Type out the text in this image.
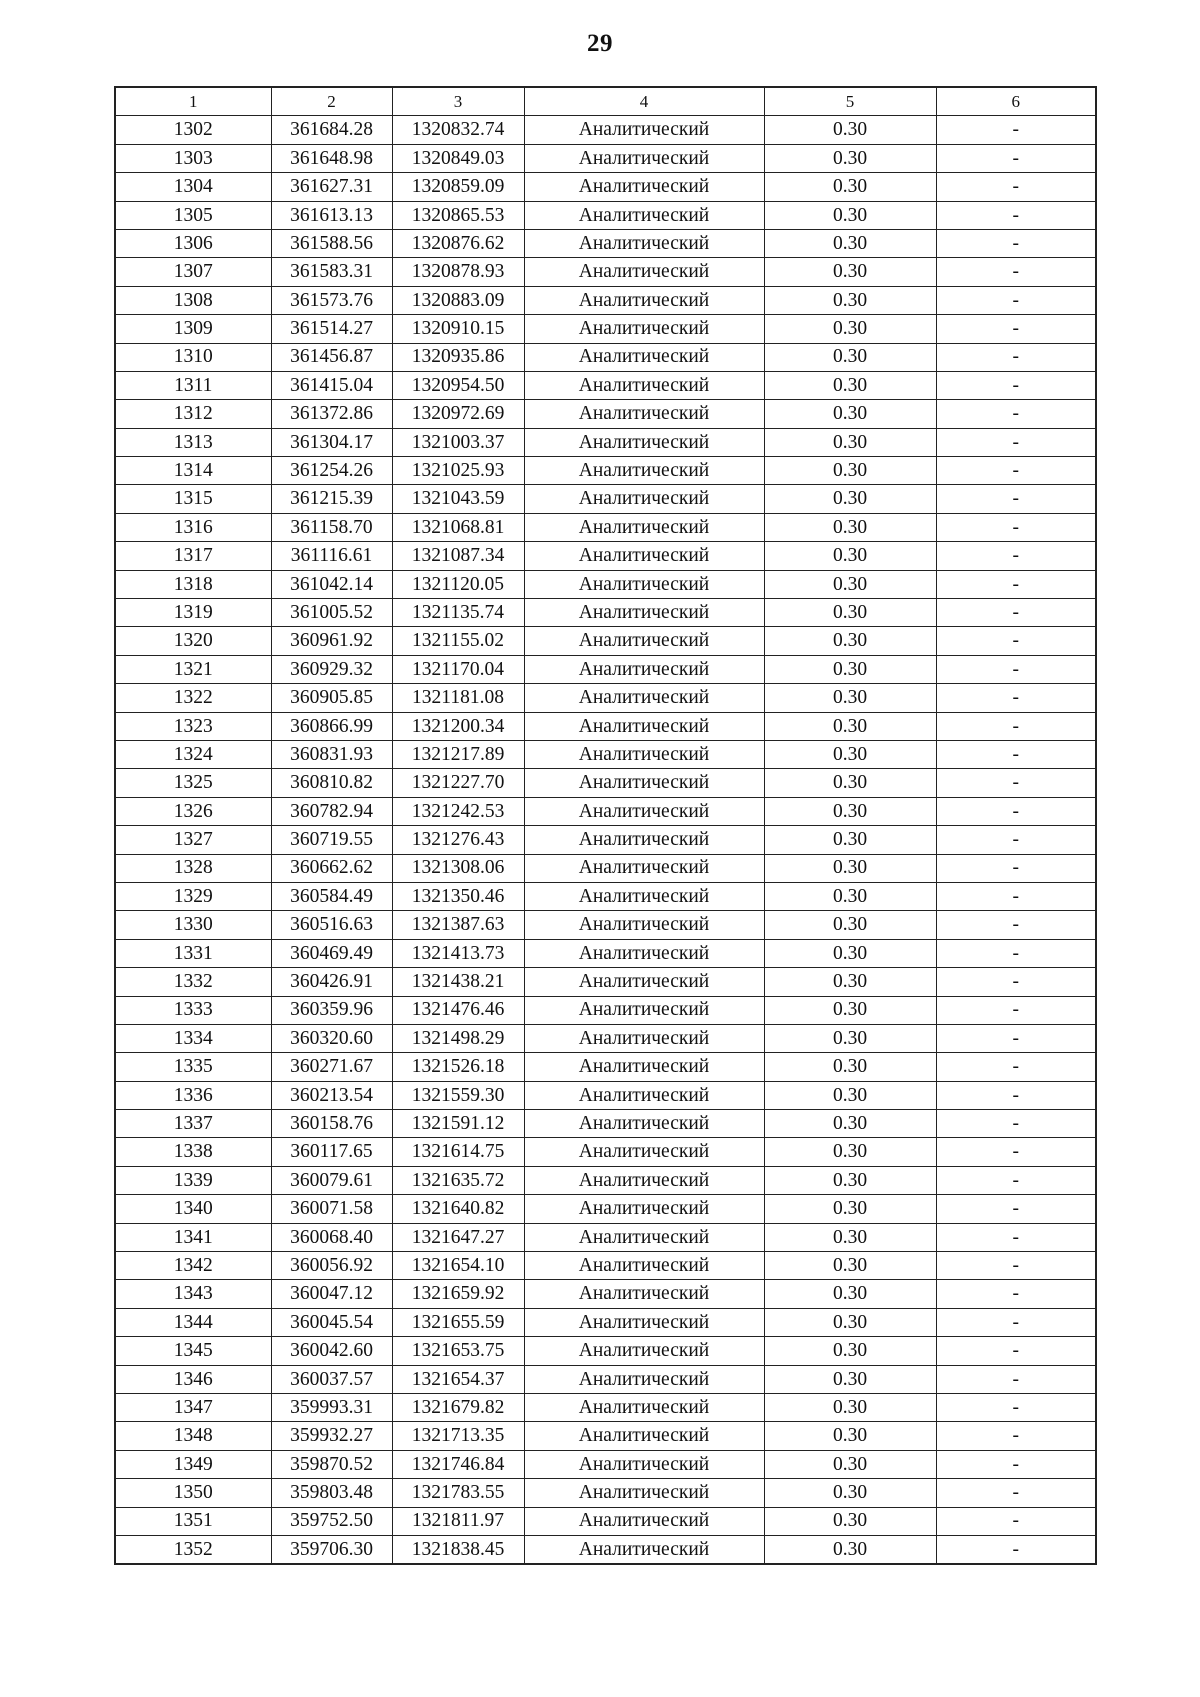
29
1	2	3	4	5	6
1302	361684.28	1320832.74	Аналитический	0.30	-
1303	361648.98	1320849.03	Аналитический	0.30	-
1304	361627.31	1320859.09	Аналитический	0.30	-
1305	361613.13	1320865.53	Аналитический	0.30	-
1306	361588.56	1320876.62	Аналитический	0.30	-
1307	361583.31	1320878.93	Аналитический	0.30	-
1308	361573.76	1320883.09	Аналитический	0.30	-
1309	361514.27	1320910.15	Аналитический	0.30	-
1310	361456.87	1320935.86	Аналитический	0.30	-
1311	361415.04	1320954.50	Аналитический	0.30	-
1312	361372.86	1320972.69	Аналитический	0.30	-
1313	361304.17	1321003.37	Аналитический	0.30	-
1314	361254.26	1321025.93	Аналитический	0.30	-
1315	361215.39	1321043.59	Аналитический	0.30	-
1316	361158.70	1321068.81	Аналитический	0.30	-
1317	361116.61	1321087.34	Аналитический	0.30	-
1318	361042.14	1321120.05	Аналитический	0.30	-
1319	361005.52	1321135.74	Аналитический	0.30	-
1320	360961.92	1321155.02	Аналитический	0.30	-
1321	360929.32	1321170.04	Аналитический	0.30	-
1322	360905.85	1321181.08	Аналитический	0.30	-
1323	360866.99	1321200.34	Аналитический	0.30	-
1324	360831.93	1321217.89	Аналитический	0.30	-
1325	360810.82	1321227.70	Аналитический	0.30	-
1326	360782.94	1321242.53	Аналитический	0.30	-
1327	360719.55	1321276.43	Аналитический	0.30	-
1328	360662.62	1321308.06	Аналитический	0.30	-
1329	360584.49	1321350.46	Аналитический	0.30	-
1330	360516.63	1321387.63	Аналитический	0.30	-
1331	360469.49	1321413.73	Аналитический	0.30	-
1332	360426.91	1321438.21	Аналитический	0.30	-
1333	360359.96	1321476.46	Аналитический	0.30	-
1334	360320.60	1321498.29	Аналитический	0.30	-
1335	360271.67	1321526.18	Аналитический	0.30	-
1336	360213.54	1321559.30	Аналитический	0.30	-
1337	360158.76	1321591.12	Аналитический	0.30	-
1338	360117.65	1321614.75	Аналитический	0.30	-
1339	360079.61	1321635.72	Аналитический	0.30	-
1340	360071.58	1321640.82	Аналитический	0.30	-
1341	360068.40	1321647.27	Аналитический	0.30	-
1342	360056.92	1321654.10	Аналитический	0.30	-
1343	360047.12	1321659.92	Аналитический	0.30	-
1344	360045.54	1321655.59	Аналитический	0.30	-
1345	360042.60	1321653.75	Аналитический	0.30	-
1346	360037.57	1321654.37	Аналитический	0.30	-
1347	359993.31	1321679.82	Аналитический	0.30	-
1348	359932.27	1321713.35	Аналитический	0.30	-
1349	359870.52	1321746.84	Аналитический	0.30	-
1350	359803.48	1321783.55	Аналитический	0.30	-
1351	359752.50	1321811.97	Аналитический	0.30	-
1352	359706.30	1321838.45	Аналитический	0.30	-
